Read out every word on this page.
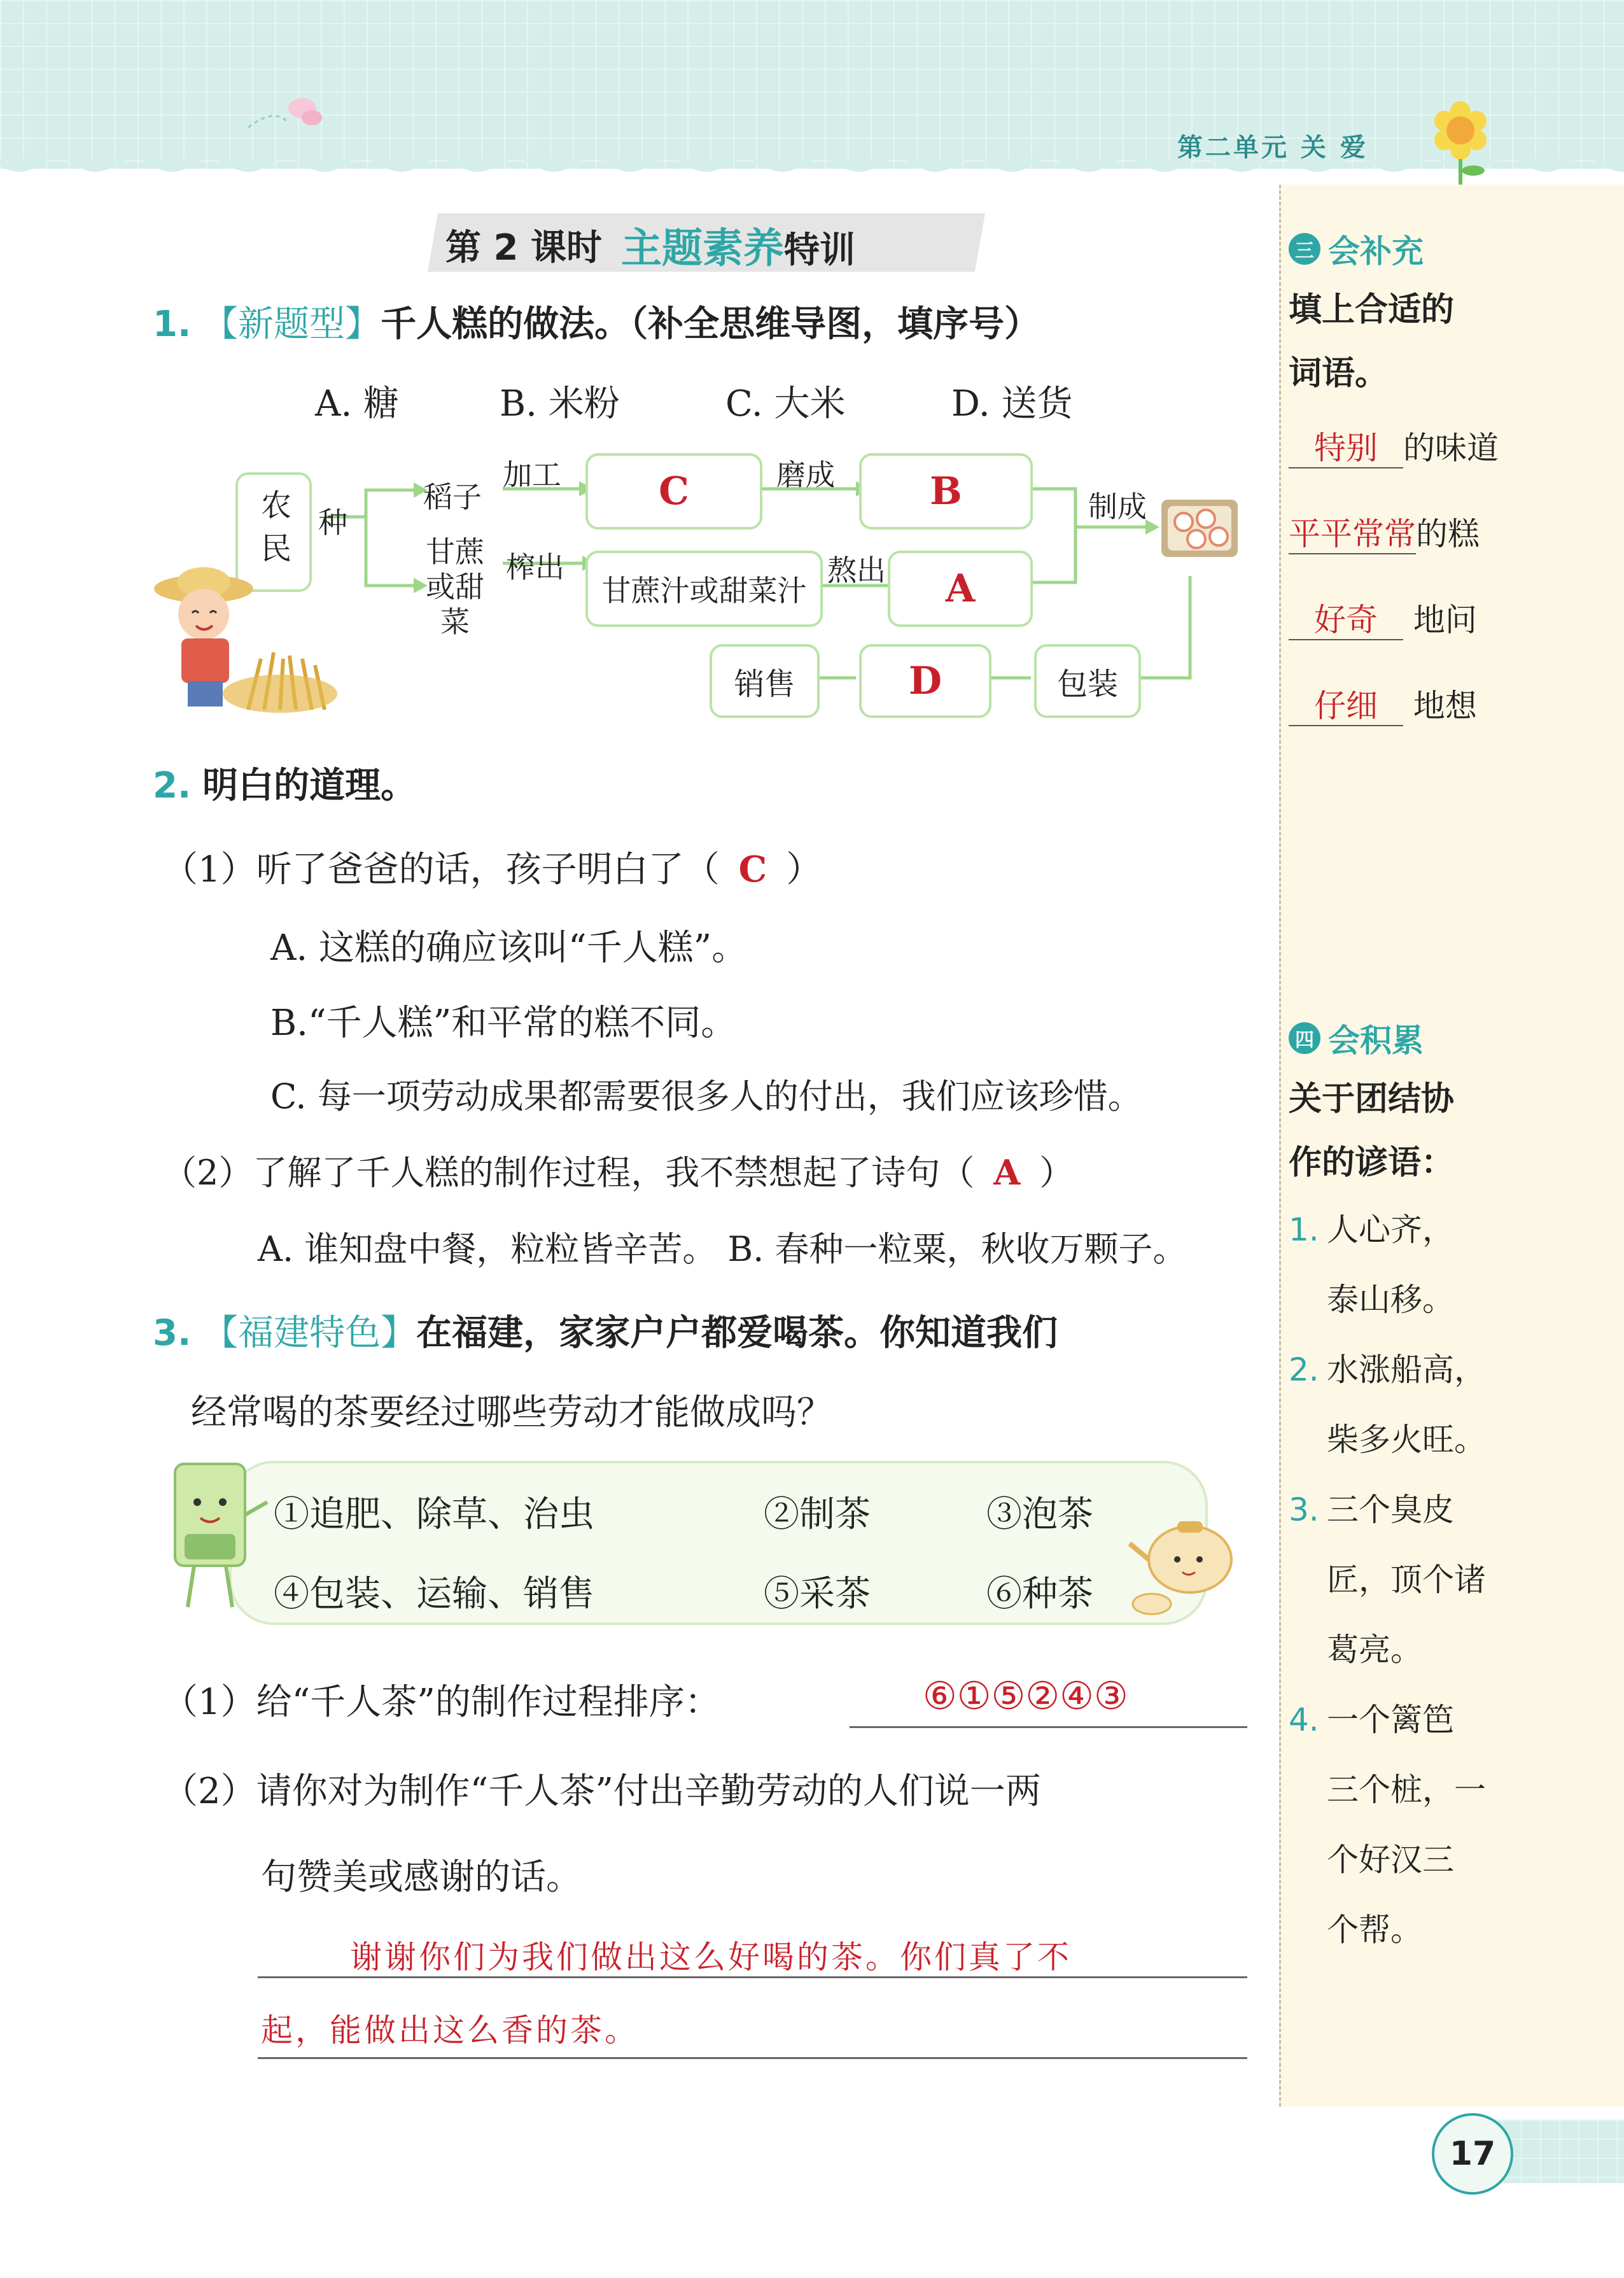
第二单元 关 爱
第 2 课时 主题素养特训
1. 【新题型】千人糕的做法。（补全思维导图，填序号）
A. 糖	B. 米粉	C. 大米	D. 送货
农民 种
稻子
加工	C	磨成	B	制成
甘蔗或甜菜
榨出
甘蔗汁或甜菜汁
熬出	A
包装
D
销售
2. 明白的道理。
（1）听了爸爸的话，孩子明白了（ C ）
A. 这糕的确应该叫“千人糕”。
B.“千人糕”和平常的糕不同。
C. 每一项劳动成果都需要很多人的付出，我们应该珍惜。
（2）了解了千人糕的制作过程，我不禁想起了诗句（ A ）
A. 谁知盘中餐，粒粒皆辛苦。 B. 春种一粒粟，秋收万颗子。
3. 【福建特色】在福建，家家户户都爱喝茶。你知道我们
经常喝的茶要经过哪些劳动才能做成吗？
①追肥、除草、治虫	②制茶	③泡茶
④包装、运输、销售	⑤采茶	⑥种茶
（1）给“千人茶”的制作过程排序：	⑥①⑤②④③
（2）请你对为制作“千人茶”付出辛勤劳动的人们说一两
句赞美或感谢的话。
谢谢你们为我们做出这么好喝的茶。你们真了不
起，能做出这么香的茶。
三 会补充
填上合适的
词语。
特别 的味道
平平常常的糕
好奇 地问
仔细 地想
四 会积累
关于团结协
作的谚语：
1. 人心齐，
泰山移。
2. 水涨船高，
柴多火旺。
3. 三个臭皮
匠，顶个诸
葛亮。
4. 一个篱笆
三个桩，一
个好汉三
个帮。
17
